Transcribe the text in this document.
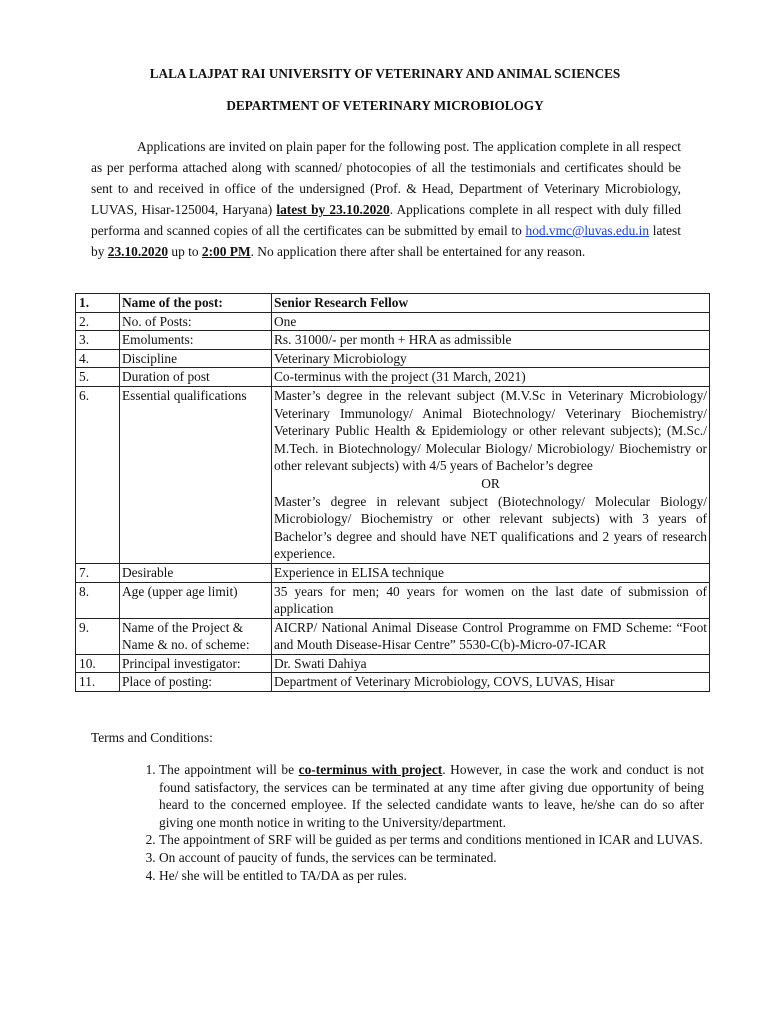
LALA LAJPAT RAI UNIVERSITY OF VETERINARY AND ANIMAL SCIENCES
DEPARTMENT OF VETERINARY MICROBIOLOGY
Applications are invited on plain paper for the following post. The application complete in all respect as per performa attached along with scanned/ photocopies of all the testimonials and certificates should be sent to and received in office of the undersigned (Prof. & Head, Department of Veterinary Microbiology, LUVAS, Hisar-125004, Haryana) latest by 23.10.2020. Applications complete in all respect with duly filled performa and scanned copies of all the certificates can be submitted by email to hod.vmc@luvas.edu.in latest by 23.10.2020 up to 2:00 PM. No application there after shall be entertained for any reason.
1.	Name of the post:	Senior Research Fellow
2.	No. of Posts:	One
3.	Emoluments:	Rs. 31000/- per month + HRA as admissible
4.	Discipline	Veterinary Microbiology
5.	Duration of post	Co-terminus with the project (31 March, 2021)
6.	Essential qualifications	Master’s degree in the relevant subject (M.V.Sc in Veterinary Microbiology/ Veterinary Immunology/ Animal Biotechnology/ Veterinary Biochemistry/ Veterinary Public Health & Epidemiology or other relevant subjects); (M.Sc./ M.Tech. in Biotechnology/ Molecular Biology/ Microbiology/ Biochemistry or other relevant subjects) with 4/5 years of Bachelor’s degree
OR
Master’s degree in relevant subject (Biotechnology/ Molecular Biology/ Microbiology/ Biochemistry or other relevant subjects) with 3 years of Bachelor’s degree and should have NET qualifications and 2 years of research experience.
7.	Desirable	Experience in ELISA technique
8.	Age (upper age limit)	35 years for men; 40 years for women on the last date of submission of application
9.	Name of the Project & Name & no. of scheme:	AICRP/ National Animal Disease Control Programme on FMD Scheme: “Foot and Mouth Disease-Hisar Centre” 5530-C(b)-Micro-07-ICAR
10.	Principal investigator:	Dr. Swati Dahiya
11.	Place of posting:	Department of Veterinary Microbiology, COVS, LUVAS, Hisar
Terms and Conditions:
1. The appointment will be co-terminus with project. However, in case the work and conduct is not found satisfactory, the services can be terminated at any time after giving due opportunity of being heard to the concerned employee. If the selected candidate wants to leave, he/she can do so after giving one month notice in writing to the University/department.
2. The appointment of SRF will be guided as per terms and conditions mentioned in ICAR and LUVAS.
3. On account of paucity of funds, the services can be terminated.
4. He/ she will be entitled to TA/DA as per rules.
